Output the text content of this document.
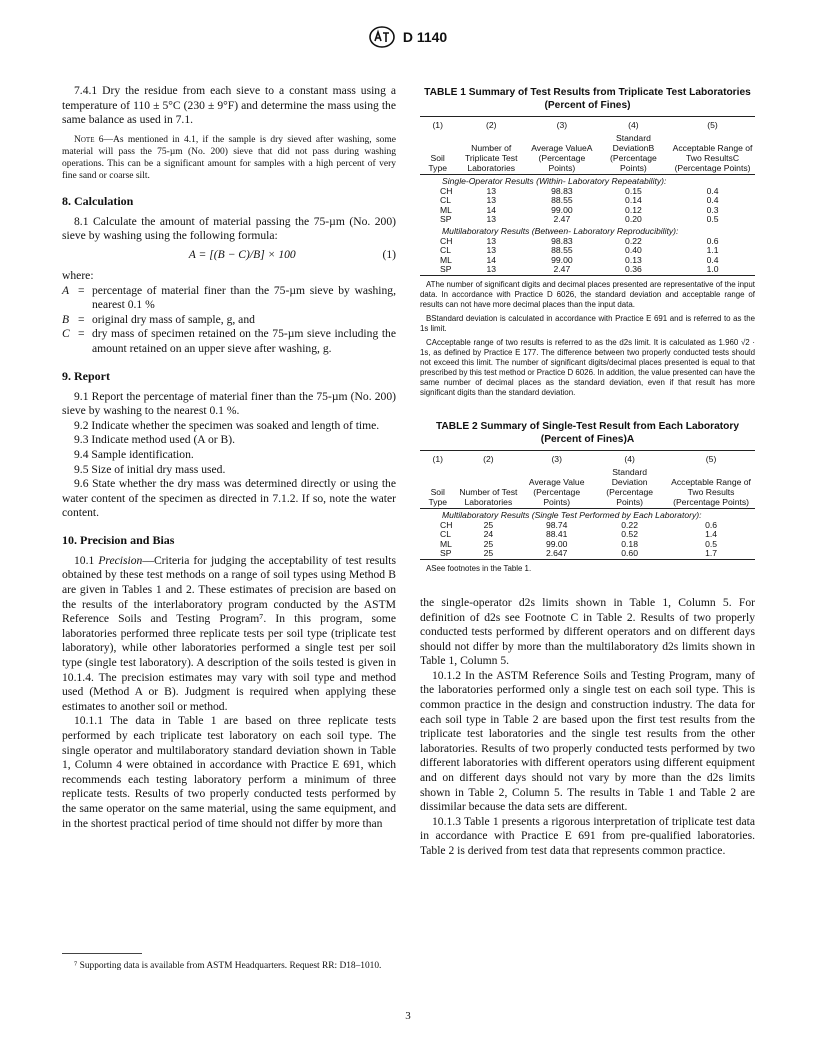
D 1140

7.4.1 Dry the residue from each sieve to a constant mass using a temperature of 110 ± 5°C (230 ± 9°F) and determine the mass using the same balance as used in 7.1.

Note 6—As mentioned in 4.1, if the sample is dry sieved after washing, some material will pass the 75-µm (No. 200) sieve that did not pass during washing operations. This can be a significant amount for samples with a high percent of very fine sand or coarse silt.

8. Calculation

8.1 Calculate the amount of material passing the 75-µm (No. 200) sieve by washing using the following formula:

A = [(B − C)/B] × 100	(1)
where:
A = percentage of material finer than the 75-µm sieve by washing, nearest 0.1 %
B = original dry mass of sample, g, and
C = dry mass of specimen retained on the 75-µm sieve including the amount retained on an upper sieve after washing, g.
9. Report

9.1 Report the percentage of material finer than the 75-µm (No. 200) sieve by washing to the nearest 0.1 %.

9.2 Indicate whether the specimen was soaked and length of time.

9.3 Indicate method used (A or B).

9.4 Sample identification.

9.5 Size of initial dry mass used.

9.6 State whether the dry mass was determined directly or using the water content of the specimen as directed in 7.1.2. If so, note the water content.

10. Precision and Bias

10.1 Precision—Criteria for judging the acceptability of test results obtained by these test methods on a range of soil types using Method B are given in Tables 1 and 2. These estimates of precision are based on the results of the interlaboratory program conducted by the ASTM Reference Soils and Testing Program⁷. In this program, some laboratories performed three replicate tests per soil type (triplicate test laboratory), while other laboratories performed a single test per soil type (single test laboratory). A description of the soils tested is given in 10.1.4. The precision estimates may vary with soil type and method used (Method A or B). Judgment is required when applying these estimates to another soil or method.

10.1.1 The data in Table 1 are based on three replicate tests performed by each triplicate test laboratory on each soil type. The single operator and multilaboratory standard deviation shown in Table 1, Column 4 were obtained in accordance with Practice E 691, which recommends each testing laboratory perform a minimum of three replicate tests. Results of two properly conducted tests performed by the same operator on the same material, using the same equipment, and in the shortest practical period of time should not differ by more than

⁷ Supporting data is available from ASTM Headquarters. Request RR: D18–1010.
TABLE 1 Summary of Test Results from Triplicate Test Laboratories (Percent of Fines)
(1)	(2)	(3)	(4)	(5)
Soil Type	Number of Triplicate Test Laboratories	Average ValueA (Percentage Points)	Standard DeviationB (Percentage Points)	Acceptable Range of Two ResultsC (Percentage Points)
Single-Operator Results (Within- Laboratory Repeatability):				
CH	13	98.83	0.15	0.4
CL	13	88.55	0.14	0.4
ML	14	99.00	0.12	0.3
SP	13	2.47	0.20	0.5
Multilaboratory Results (Between- Laboratory Reproducibility):				
CH	13	98.83	0.22	0.6
CL	13	88.55	0.40	1.1
ML	14	99.00	0.13	0.4
SP	13	2.47	0.36	1.0
AThe number of significant digits and decimal places presented are representative of the input data. In accordance with Practice D 6026, the standard deviation and acceptable range of results can not have more decimal places than the input data.
BStandard deviation is calculated in accordance with Practice E 691 and is referred to as the 1s limit.
CAcceptable range of two results is referred to as the d2s limit. It is calculated as 1.960 √2 · 1s, as defined by Practice E 177. The difference between two properly conducted tests should not exceed this limit. The number of significant digits/decimal places presented is equal to that prescribed by this test method or Practice D 6026. In addition, the value presented can have the same number of decimal places as the standard deviation, even if that result has more significant digits than the standard deviation.
TABLE 2 Summary of Single-Test Result from Each Laboratory (Percent of Fines)A
(1)	(2)	(3)	(4)	(5)
Soil Type	Number of Test Laboratories	Average Value (Percentage Points)	Standard Deviation (Percentage Points)	Acceptable Range of Two Results (Percentage Points)
Multilaboratory Results (Single Test Performed by Each Laboratory):				
CH	25	98.74	0.22	0.6
CL	24	88.41	0.52	1.4
ML	25	99.00	0.18	0.5
SP	25	2.647	0.60	1.7
ASee footnotes in the Table 1.

the single-operator d2s limits shown in Table 1, Column 5. For definition of d2s see Footnote C in Table 2. Results of two properly conducted tests performed by different operators and on different days should not differ by more than the multilaboratory d2s limits shown in Table 1, Column 5.

10.1.2 In the ASTM Reference Soils and Testing Program, many of the laboratories performed only a single test on each soil type. This is common practice in the design and construction industry. The data for each soil type in Table 2 are based upon the first test results from the triplicate test laboratories and the single test results from the other laboratories. Results of two properly conducted tests performed by two different laboratories with different operators using different equipment and on different days should not vary by more than the d2s limits shown in Table 2, Column 5. The results in Table 1 and Table 2 are dissimilar because the data sets are different.

10.1.3 Table 1 presents a rigorous interpretation of triplicate test data in accordance with Practice E 691 from pre-qualified laboratories. Table 2 is derived from test data that represents common practice.

3
